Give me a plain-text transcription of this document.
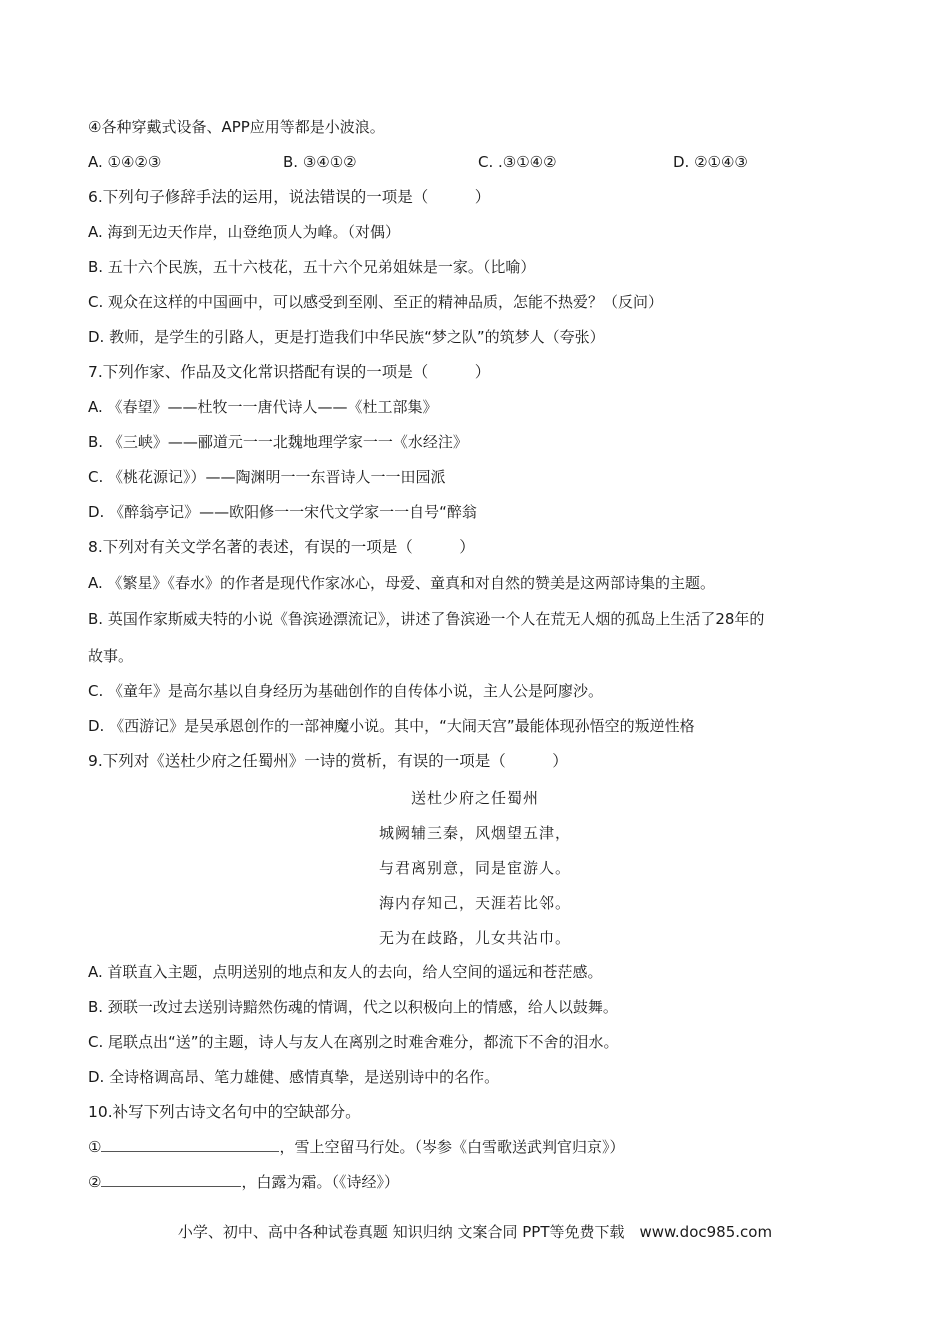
④各种穿戴式设备、APP应用等都是小波浪。
A. ①④②③	B. ③④①②	C. .③①④②	D. ②①④③
6.下列句子修辞手法的运用，说法错误的一项是（　　　）
A. 海到无边天作岸，山登绝顶人为峰。（对偶）
B. 五十六个民族，五十六枝花，五十六个兄弟姐妹是一家。（比喻）
C. 观众在这样的中国画中，可以感受到至刚、至正的精神品质，怎能不热爱？（反问）
D. 教师，是学生的引路人，更是打造我们中华民族“梦之队”的筑梦人（夸张）
7.下列作家、作品及文化常识搭配有误的一项是（　　　）
A. 《春望》——杜牧一一唐代诗人——《杜工部集》
B. 《三峡》——郦道元一一北魏地理学家一一《水经注》
C. 《桃花源记》）——陶渊明一一东晋诗人一一田园派
D. 《醉翁亭记》——欧阳修一一宋代文学家一一自号“醉翁
8.下列对有关文学名著的表述，有误的一项是（　　　）
A. 《繁星》《春水》的作者是现代作家冰心，母爱、童真和对自然的赞美是这两部诗集的主题。
B. 英国作家斯威夫特的小说《鲁滨逊漂流记》，讲述了鲁滨逊一个人在荒无人烟的孤岛上生活了28年的
故事。
C. 《童年》是高尔基以自身经历为基础创作的自传体小说，主人公是阿廖沙。
D. 《西游记》是吴承恩创作的一部神魔小说。其中，“大闹天宫”最能体现孙悟空的叛逆性格
9.下列对《送杜少府之任蜀州》一诗的赏析，有误的一项是（　　　）
送杜少府之任蜀州
城阙辅三秦，风烟望五津，
与君离别意，同是宦游人。
海内存知己，天涯若比邻。
无为在歧路，儿女共沾巾。
A. 首联直入主题，点明送别的地点和友人的去向，给人空间的遥远和苍茫感。
B. 颈联一改过去送别诗黯然伤魂的情调，代之以积极向上的情感，给人以鼓舞。
C. 尾联点出“送”的主题，诗人与友人在离别之时难舍难分，都流下不舍的泪水。
D. 全诗格调高昂、笔力雄健、感情真挚，是送别诗中的名作。
10.补写下列古诗文名句中的空缺部分。
①	，雪上空留马行处。（岑参《白雪歌送武判官归京》）
②	，白露为霜。（《诗经》）
小学、初中、高中各种试卷真题 知识归纳 文案合同 PPT等免费下载　www.doc985.com
